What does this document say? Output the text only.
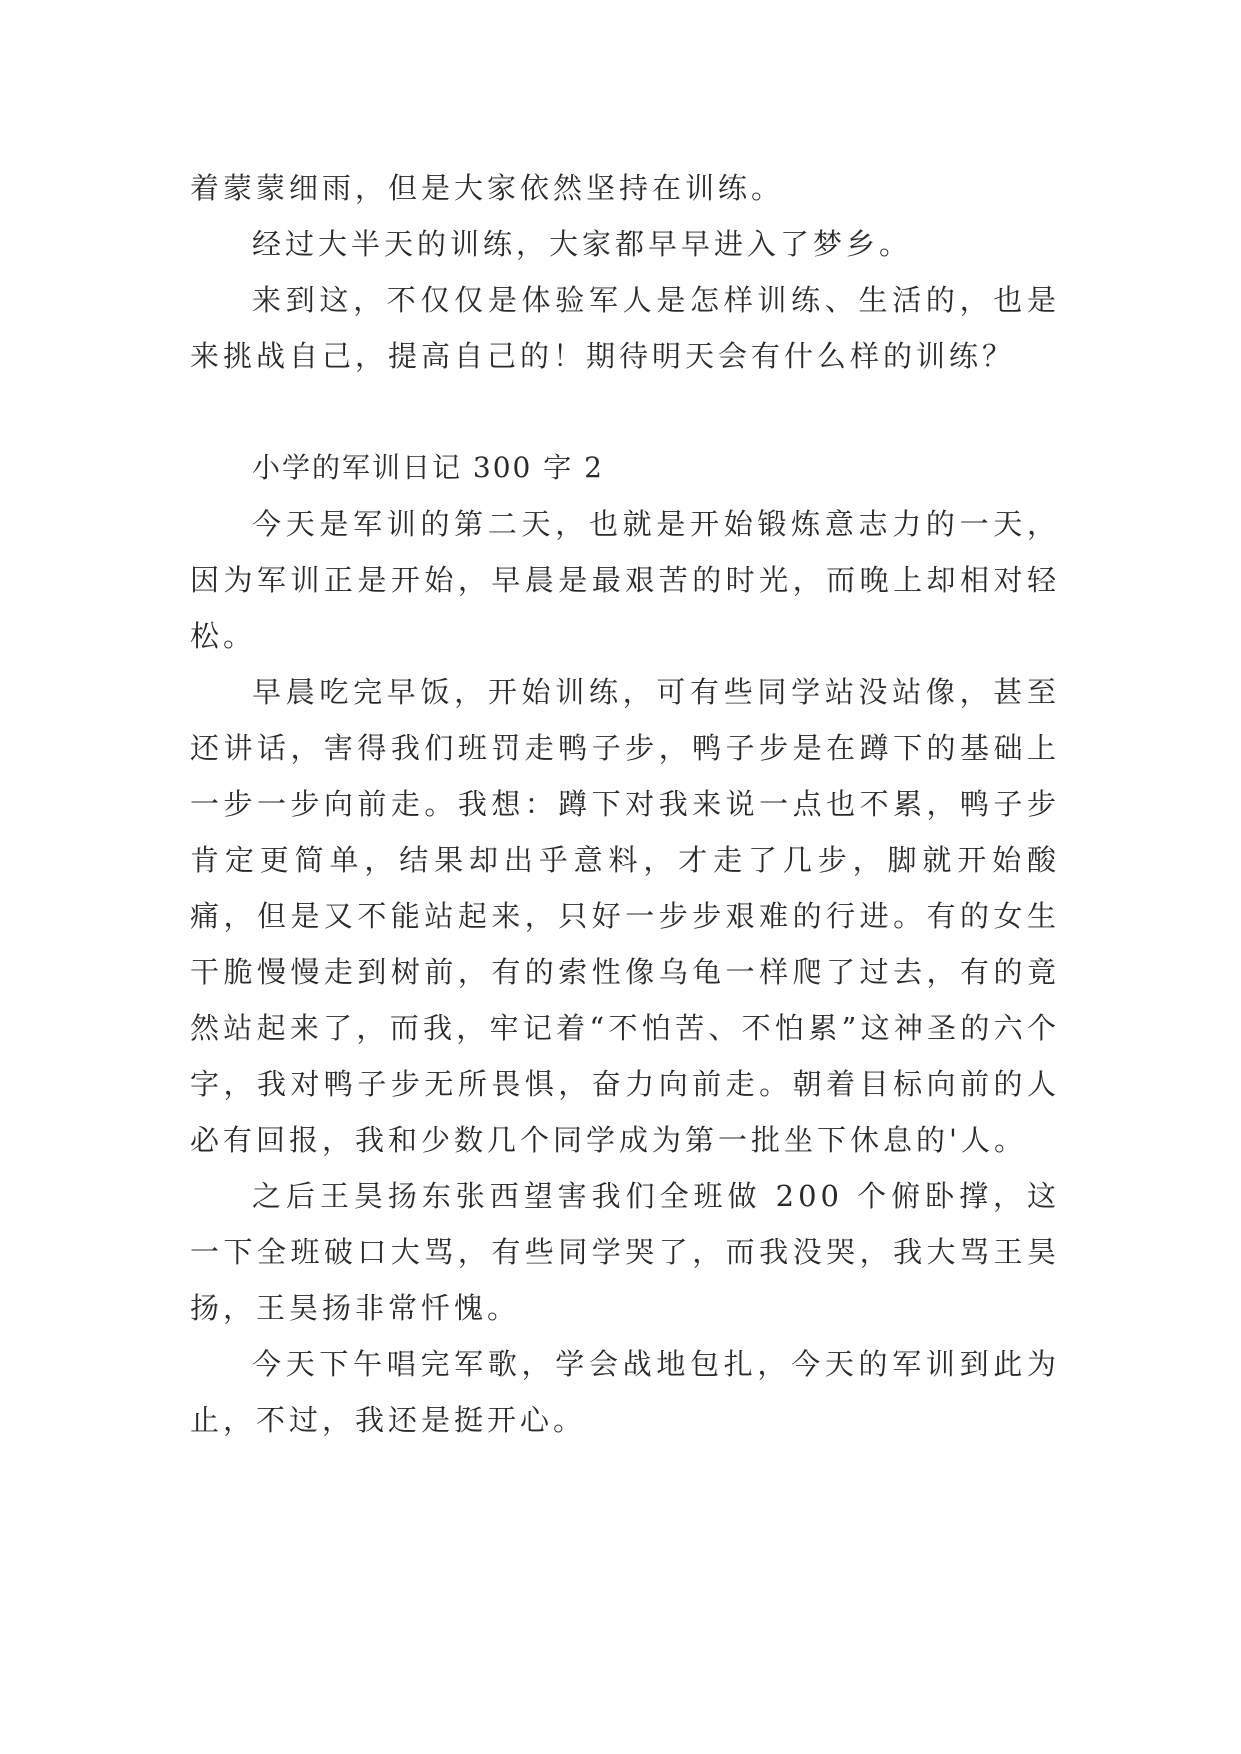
着蒙蒙细雨，但是大家依然坚持在训练。

经过大半天的训练，大家都早早进入了梦乡。

来到这，不仅仅是体验军人是怎样训练、生活的，也是来挑战自己，提高自己的！期待明天会有什么样的训练？

小学的军训日记 300 字 2

今天是军训的第二天，也就是开始锻炼意志力的一天，因为军训正是开始，早晨是最艰苦的时光，而晚上却相对轻松。

早晨吃完早饭，开始训练，可有些同学站没站像，甚至还讲话，害得我们班罚走鸭子步，鸭子步是在蹲下的基础上一步一步向前走。我想：蹲下对我来说一点也不累，鸭子步肯定更简单，结果却出乎意料，才走了几步，脚就开始酸痛，但是又不能站起来，只好一步步艰难的行进。有的女生干脆慢慢走到树前，有的索性像乌龟一样爬了过去，有的竟然站起来了，而我，牢记着“不怕苦、不怕累”这神圣的六个字，我对鸭子步无所畏惧，奋力向前走。朝着目标向前的人必有回报，我和少数几个同学成为第一批坐下休息的'人。

之后王昊扬东张西望害我们全班做 200 个俯卧撑，这一下全班破口大骂，有些同学哭了，而我没哭，我大骂王昊扬，王昊扬非常忏愧。

今天下午唱完军歌，学会战地包扎，今天的军训到此为止，不过，我还是挺开心。
